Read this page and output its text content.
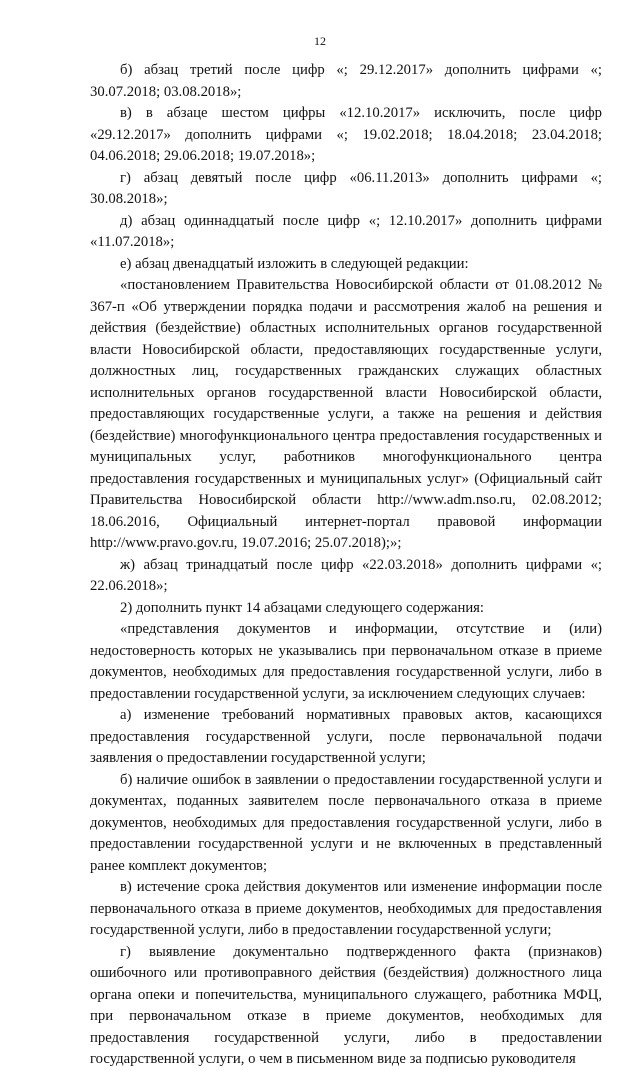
12

б) абзац третий после цифр «; 29.12.2017» дополнить цифрами «; 30.07.2018; 03.08.2018»;

в) в абзаце шестом цифры «12.10.2017» исключить, после цифр «29.12.2017» дополнить цифрами «; 19.02.2018; 18.04.2018; 23.04.2018; 04.06.2018; 29.06.2018; 19.07.2018»;

г) абзац девятый после цифр «06.11.2013» дополнить цифрами «; 30.08.2018»;

д) абзац одиннадцатый после цифр «; 12.10.2017» дополнить цифрами «11.07.2018»;

е) абзац двенадцатый изложить в следующей редакции:

«постановлением Правительства Новосибирской области от 01.08.2012 № 367-п «Об утверждении порядка подачи и рассмотрения жалоб на решения и действия (бездействие) областных исполнительных органов государственной власти Новосибирской области, предоставляющих государственные услуги, должностных лиц, государственных гражданских служащих областных исполнительных органов государственной власти Новосибирской области, предоставляющих государственные услуги, а также на решения и действия (бездействие) многофункционального центра предоставления государственных и муниципальных услуг, работников многофункционального центра предоставления государственных и муниципальных услуг» (Официальный сайт Правительства Новосибирской области http://www.adm.nso.ru, 02.08.2012; 18.06.2016, Официальный интернет-портал правовой информации http://www.pravo.gov.ru, 19.07.2016; 25.07.2018);»;

ж) абзац тринадцатый после цифр «22.03.2018» дополнить цифрами «; 22.06.2018»;

2) дополнить пункт 14 абзацами следующего содержания:

«представления документов и информации, отсутствие и (или) недостоверность которых не указывались при первоначальном отказе в приеме документов, необходимых для предоставления государственной услуги, либо в предоставлении государственной услуги, за исключением следующих случаев:

а) изменение требований нормативных правовых актов, касающихся предоставления государственной услуги, после первоначальной подачи заявления о предоставлении государственной услуги;

б) наличие ошибок в заявлении о предоставлении государственной услуги и документах, поданных заявителем после первоначального отказа в приеме документов, необходимых для предоставления государственной услуги, либо в предоставлении государственной услуги и не включенных в представленный ранее комплект документов;

в) истечение срока действия документов или изменение информации после первоначального отказа в приеме документов, необходимых для предоставления государственной услуги, либо в предоставлении государственной услуги;

г) выявление документально подтвержденного факта (признаков) ошибочного или противоправного действия (бездействия) должностного лица органа опеки и попечительства, муниципального служащего, работника МФЦ, при первоначальном отказе в приеме документов, необходимых для предоставления государственной услуги, либо в предоставлении государственной услуги, о чем в письменном виде за подписью руководителя
